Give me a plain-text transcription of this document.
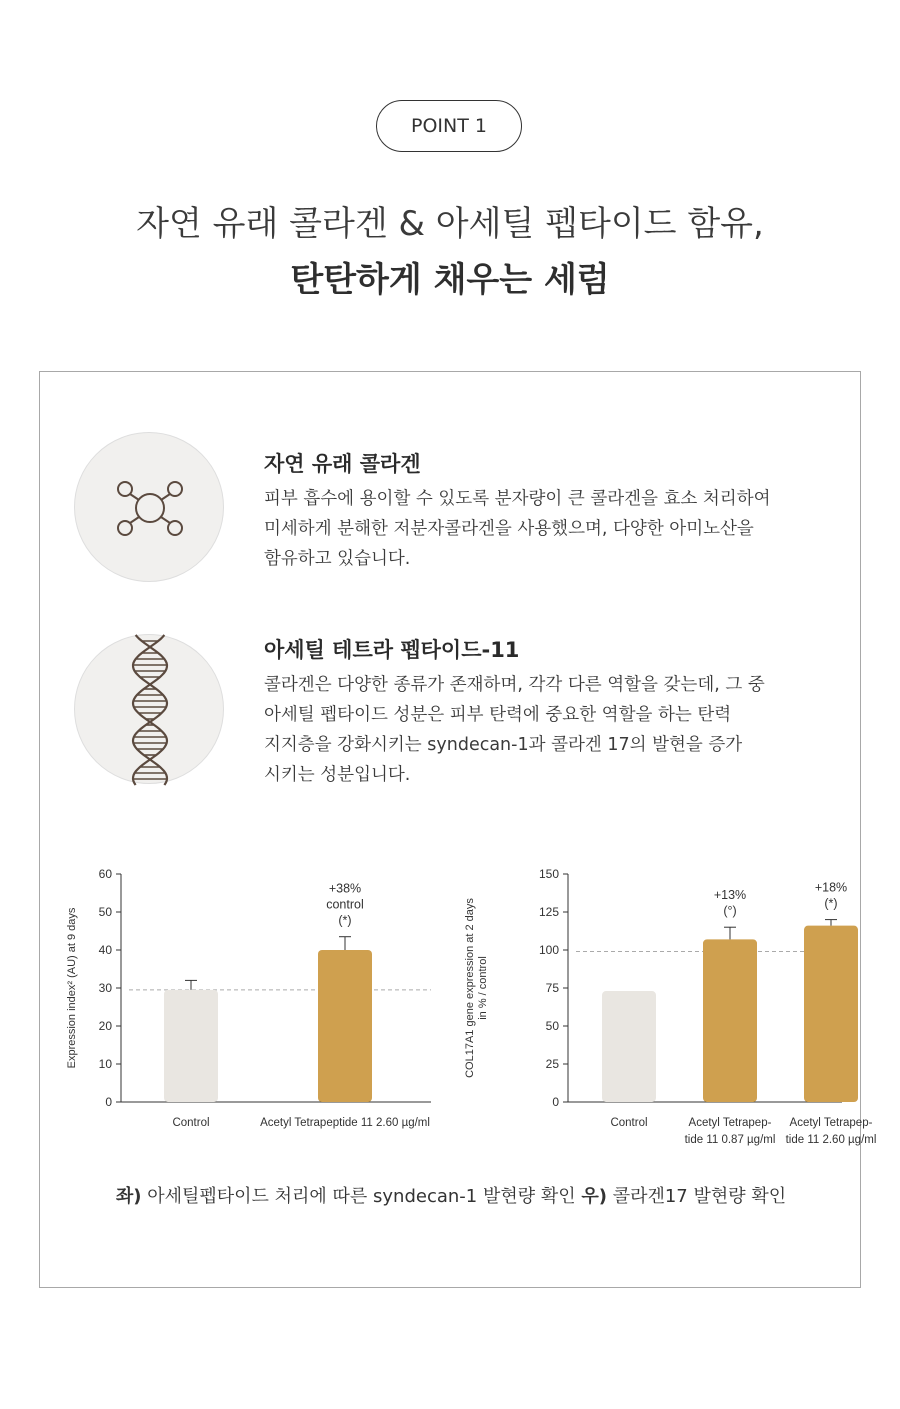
POINT 1
자연 유래 콜라겐 & 아세틸 펩타이드 함유,
탄탄하게 채우는 세럼
자연 유래 콜라겐
피부 흡수에 용이할 수 있도록 분자량이 큰 콜라겐을 효소 처리하여
미세하게 분해한 저분자콜라겐을 사용했으며, 다양한 아미노산을
함유하고 있습니다.
아세틸 테트라 펩타이드-11
콜라겐은 다양한 종류가 존재하며, 각각 다른 역할을 갖는데, 그 중
아세틸 펩타이드 성분은 피부 탄력에 중요한 역할을 하는 탄력
지지층을 강화시키는 syndecan-1과 콜라겐 17의 발현을 증가
시키는 성분입니다.
Expression index² (AU) at 9 days
0
10
20
30
40
50
60
Control
+38%
control
(*)
Acetyl Tetrapeptide 11 2.60 µg/ml
COL17A1 gene expression at 2 days in % / control
0
25
50
75
100
125
150
Control
+13%
(°)
Acetyl Tetrapep-
tide 11 0.87 µg/ml
+18%
(*)
Acetyl Tetrapep-
tide 11 2.60 µg/ml
좌) 아세틸펩타이드 처리에 따른 syndecan-1 발현량 확인 우) 콜라겐17 발현량 확인
